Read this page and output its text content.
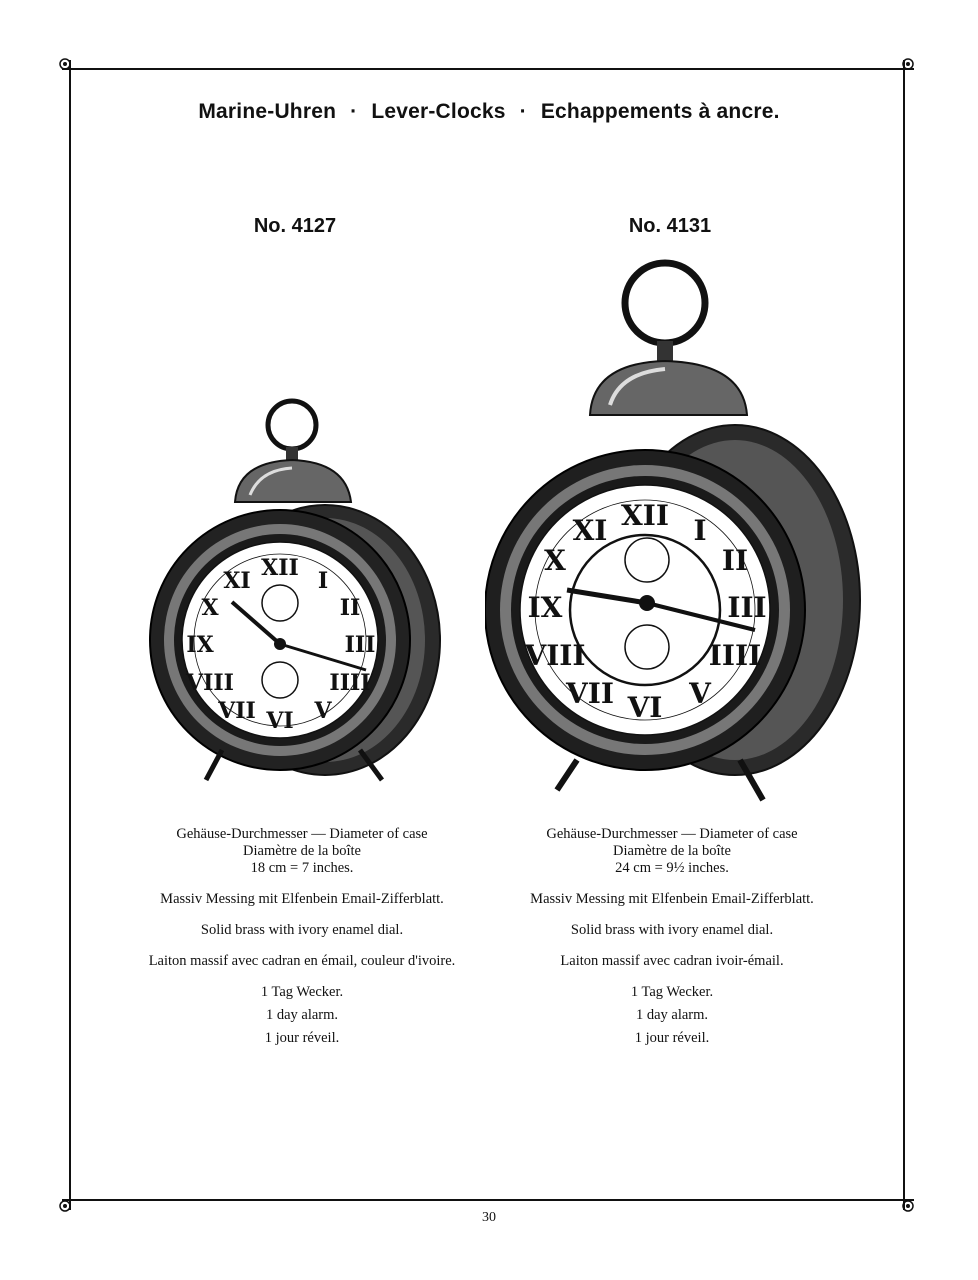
Marine-Uhren · Lever-Clocks · Echappements à ancre.
No. 4127	No. 4131
XII I
II
III
IIII
V
VI
VII
VIII
IX
X
XI
XII I
II
III
IIII
V
VI
VII
VIII
IX
X
XI

Gehäuse-Durchmesser — Diameter of case

Diamètre de la boîte

18 cm = 7 inches.

Massiv Messing mit Elfenbein Email-Zifferblatt.

Solid brass with ivory enamel dial.

Laiton massif avec cadran en émail, couleur d'ivoire.

1 Tag Wecker.

1 day alarm.

1 jour réveil.

Gehäuse-Durchmesser — Diameter of case

Diamètre de la boîte

24 cm = 9½ inches.

Massiv Messing mit Elfenbein Email-Zifferblatt.

Solid brass with ivory enamel dial.

Laiton massif avec cadran ivoir-émail.

1 Tag Wecker.

1 day alarm.

1 jour réveil.

30
